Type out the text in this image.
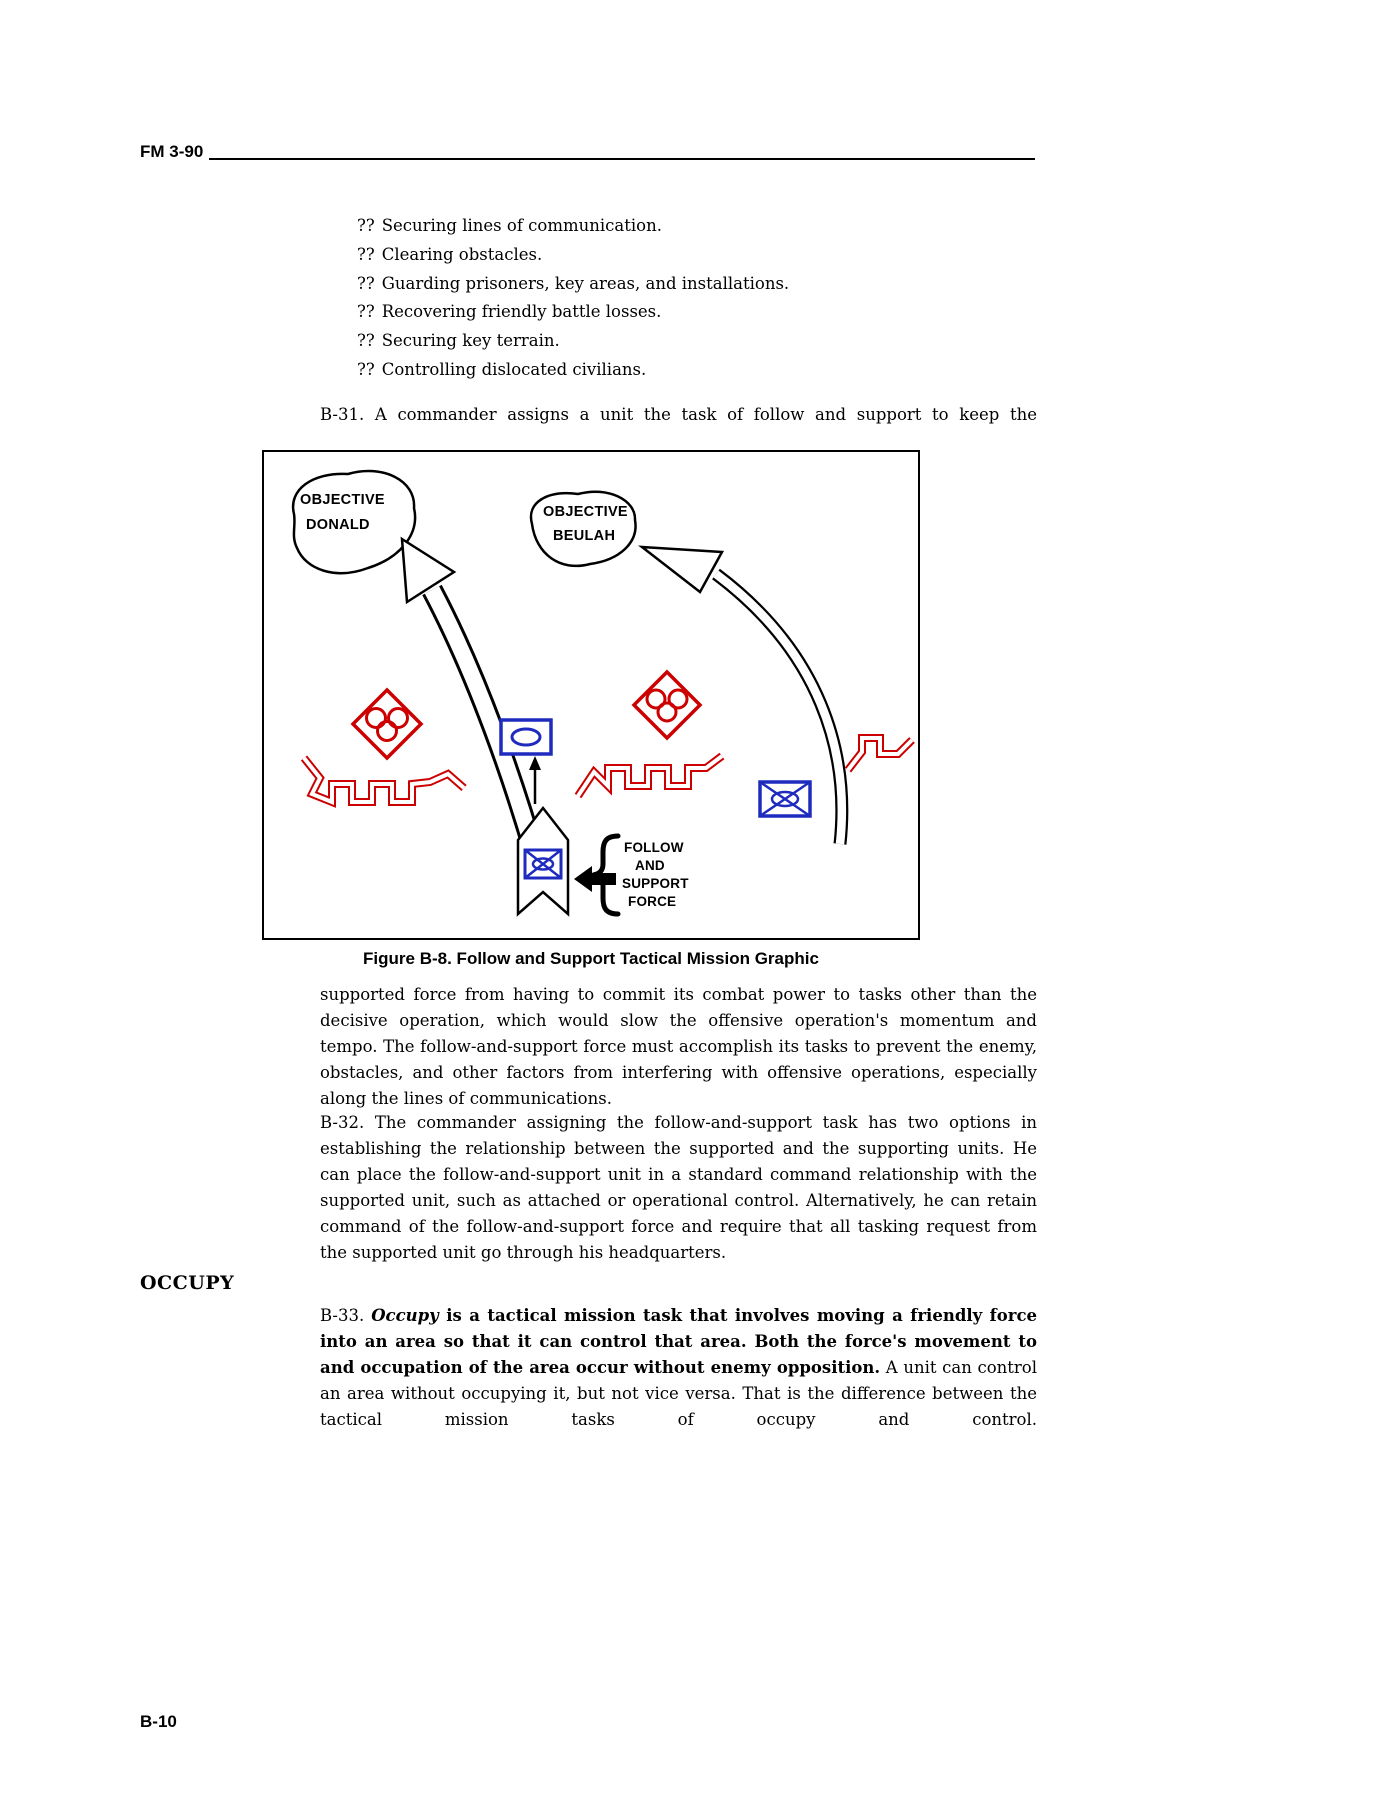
FM 3-90
?? Securing lines of communication.
?? Clearing obstacles.
?? Guarding prisoners, key areas, and installations.
?? Recovering friendly battle losses.
?? Securing key terrain.
?? Controlling dislocated civilians.
B-31. A commander assigns a unit the task of follow and support to keep the
OBJECTIVE
DONALD
OBJECTIVE
BEULAH
FOLLOW
AND
SUPPORT
FORCE
Figure B-8. Follow and Support Tactical Mission Graphic
supported force from having to commit its combat power to tasks other than the decisive operation, which would slow the offensive operation's momentum and tempo. The follow-and-support force must accomplish its tasks to prevent the enemy, obstacles, and other factors from interfering with offensive operations, especially along the lines of communications.
B-32. The commander assigning the follow-and-support task has two options in establishing the relationship between the supported and the supporting units. He can place the follow-and-support unit in a standard command relationship with the supported unit, such as attached or operational control. Alternatively, he can retain command of the follow-and-support force and require that all tasking request from the supported unit go through his headquarters.
OCCUPY
B-33. Occupy is a tactical mission task that involves moving a friendly force into an area so that it can control that area. Both the force's movement to and occupation of the area occur without enemy opposition. A unit can control an area without occupying it, but not vice versa. That is the difference between the tactical mission tasks of occupy and control.
B-10
